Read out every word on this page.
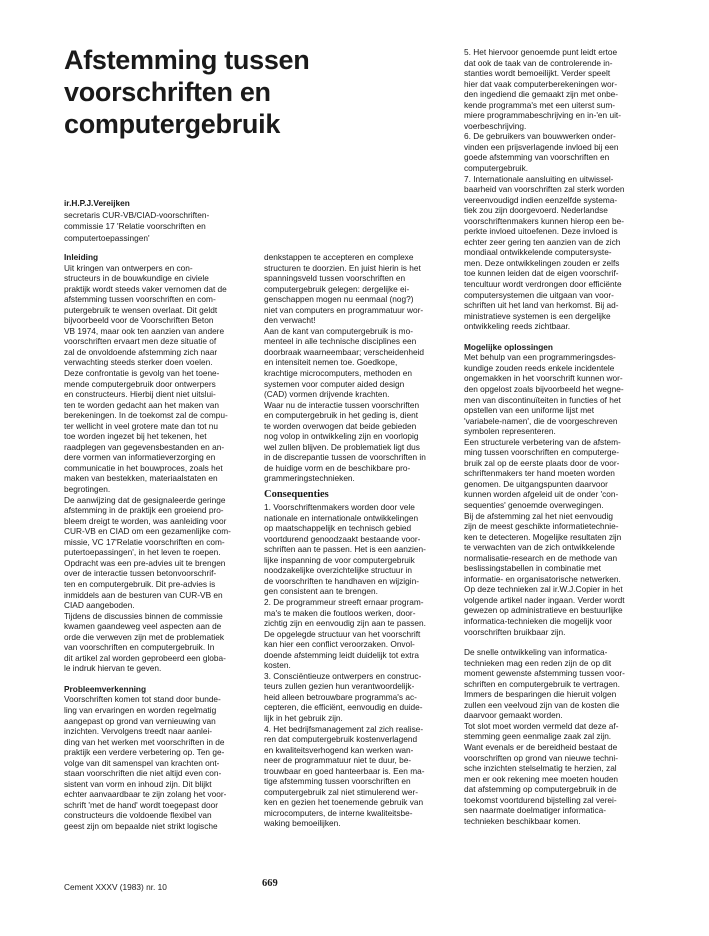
Afstemming tussen
voorschriften en
computergebruik
ir.H.P.J.Vereijken
secretaris CUR-VB/CIAD-voorschriften-
commissie 17 'Relatie voorschriften en
computertoepassingen'
Inleiding

Uit kringen van ontwerpers en con-
structeurs in de bouwkundige en civiele
praktijk wordt steeds vaker vernomen dat de
afstemming tussen voorschriften en com-
putergebruik te wensen overlaat. Dit geldt
bijvoorbeeld voor de Voorschriften Beton
VB 1974, maar ook ten aanzien van andere
voorschriften ervaart men deze situatie of
zal de onvoldoende afstemming zich naar
verwachting steeds sterker doen voelen.
Deze confrontatie is gevolg van het toene-
mende computergebruik door ontwerpers
en constructeurs. Hierbij dient niet uitslui-
ten te worden gedacht aan het maken van
berekeningen. In de toekomst zal de compu-
ter wellicht in veel grotere mate dan tot nu
toe worden ingezet bij het tekenen, het
raadplegen van gegevensbestanden en an-
dere vormen van informatieverzorging en
communicatie in het bouwproces, zoals het
maken van bestekken, materiaalstaten en
begrotingen.

De aanwijzing dat de gesignaleerde geringe
afstemming in de praktijk een groeiend pro-
bleem dreigt te worden, was aanleiding voor
CUR-VB en CIAD om een gezamenlijke com-
missie, VC 17'Relatie voorschriften en com-
putertoepassingen', in het leven te roepen.
Opdracht was een pre-advies uit te brengen
over de interactie tussen betonvoorschrif-
ten en computergebruik. Dit pre-advies is
inmiddels aan de besturen van CUR-VB en
CIAD aangeboden.

Tijdens de discussies binnen de commissie
kwamen gaandeweg veel aspecten aan de
orde die verweven zijn met de problematiek
van voorschriften en computergebruik. In
dit artikel zal worden geprobeerd een globa-
le indruk hiervan te geven.

Probleemverkenning

Voorschriften komen tot stand door bunde-
ling van ervaringen en worden regelmatig
aangepast op grond van vernieuwing van
inzichten. Vervolgens treedt naar aanlei-
ding van het werken met voorschriften in de
praktijk een verdere verbetering op. Ten ge-
volge van dit samenspel van krachten ont-
staan voorschriften die niet altijd even con-
sistent van vorm en inhoud zijn. Dit blijkt
echter aanvaardbaar te zijn zolang het voor-
schrift 'met de hand' wordt toegepast door
constructeurs die voldoende flexibel van
geest zijn om bepaalde niet strikt logische

denkstappen te accepteren en complexe
structuren te doorzien. En juist hierin is het
spanningsveld tussen voorschriften en
computergebruik gelegen: dergelijke ei-
genschappen mogen nu eenmaal (nog?)
niet van computers en programmatuur wor-
den verwacht!

Aan de kant van computergebruik is mo-
menteel in alle technische disciplines een
doorbraak waarneembaar; verscheidenheid
en intensiteit nemen toe. Goedkope,
krachtige microcomputers, methoden en
systemen voor computer aided design
(CAD) vormen drijvende krachten.
Waar nu de interactie tussen voorschriften
en computergebruik in het geding is, dient
te worden overwogen dat beide gebieden
nog volop in ontwikkeling zijn en voorlopig
wel zullen blijven. De problematiek ligt dus
in de discrepantie tussen de voorschriften in
de huidige vorm en de beschikbare pro-
grammeringstechnieken.

Consequenties

1. Voorschriftenmakers worden door vele
nationale en internationale ontwikkelingen
op maatschappelijk en technisch gebied
voortdurend genoodzaakt bestaande voor-
schriften aan te passen. Het is een aanzien-
lijke inspanning de voor computergebruik
noodzakelijke overzichtelijke structuur in
de voorschriften te handhaven en wijzigin-
gen consistent aan te brengen.

2. De programmeur streeft ernaar program-
ma's te maken die foutloos werken, door-
zichtig zijn en eenvoudig zijn aan te passen.
De opgelegde structuur van het voorschrift
kan hier een conflict veroorzaken. Onvol-
doende afstemming leidt duidelijk tot extra
kosten.

3. Consciëntieuze ontwerpers en construc-
teurs zullen gezien hun verantwoordelijk-
heid alleen betrouwbare programma's ac-
cepteren, die efficiënt, eenvoudig en duide-
lijk in het gebruik zijn.

4. Het bedrijfsmanagement zal zich realise-
ren dat computergebruik kostenverlagend
en kwaliteitsverhogend kan werken wan-
neer de programmatuur niet te duur, be-
trouwbaar en goed hanteerbaar is. Een ma-
tige afstemming tussen voorschriften en
computergebruik zal niet stimulerend wer-
ken en gezien het toenemende gebruik van
microcomputers, de interne kwaliteitsbe-
waking bemoeilijken.

5. Het hiervoor genoemde punt leidt ertoe
dat ook de taak van de controlerende in-
stanties wordt bemoeilijkt. Verder speelt
hier dat vaak computerberekeningen wor-
den ingediend die gemaakt zijn met onbe-
kende programma's met een uiterst sum-
miere programmabeschrijving en in-'en uit-
voerbeschrijving.

6. De gebruikers van bouwwerken onder-
vinden een prijsverlagende invloed bij een
goede afstemming van voorschriften en
computergebruik.

7. Internationale aansluiting en uitwissel-
baarheid van voorschriften zal sterk worden
vereenvoudigd indien eenzelfde systema-
tiek zou zijn doorgevoerd. Nederlandse
voorschriftenmakers kunnen hierop een be-
perkte invloed uitoefenen. Deze invloed is
echter zeer gering ten aanzien van de zich
mondiaal ontwikkelende computersyste-
men. Deze ontwikkelingen zouden er zelfs
toe kunnen leiden dat de eigen voorschrif-
tencultuur wordt verdrongen door efficiënte
computersystemen die uitgaan van voor-
schriften uit het land van herkomst. Bij ad-
ministratieve systemen is een dergelijke
ontwikkeling reeds zichtbaar.

Mogelijke oplossingen

Met behulp van een programmeringsdes-
kundige zouden reeds enkele incidentele
ongemakken in het voorschrift kunnen wor-
den opgelost zoals bijvoorbeeld het wegne-
men van discontinuïteiten in functies of het
opstellen van een uniforme lijst met
'variabele-namen', die de voorgeschreven
symbolen representeren.
Een structurele verbetering van de afstem-
ming tussen voorschriften en computerge-
bruik zal op de eerste plaats door de voor-
schriftenmakers ter hand moeten worden
genomen. De uitgangspunten daarvoor
kunnen worden afgeleid uit de onder 'con-
sequenties' genoemde overwegingen.
Bij de afstemming zal het niet eenvoudig
zijn de meest geschikte informatietechnie-
ken te detecteren. Mogelijke resultaten zijn
te verwachten van de zich ontwikkelende
normalisatie-research en de methode van
beslissingstabellen in combinatie met
informatie- en organisatorische netwerken.
Op deze technieken zal ir.W.J.Copier in het
volgende artikel nader ingaan. Verder wordt
gewezen op administratieve en bestuurlijke
informatica-technieken die mogelijk voor
voorschriften bruikbaar zijn.

De snelle ontwikkeling van informatica-
technieken mag een reden zijn de op dit
moment gewenste afstemming tussen voor-
schriften en computergebruik te vertragen.
Immers de besparingen die hieruit volgen
zullen een veelvoud zijn van de kosten die
daarvoor gemaakt worden.
Tot slot moet worden vermeld dat deze af-
stemming geen eenmalige zaak zal zijn.
Want evenals er de bereidheid bestaat de
voorschriften op grond van nieuwe techni-
sche inzichten stelselmatig te herzien, zal
men er ook rekening mee moeten houden
dat afstemming op computergebruik in de
toekomst voortdurend bijstelling zal verei-
sen naarmate doelmatiger informatica-
technieken beschikbaar komen.

Cement XXXV (1983) nr. 10	669
